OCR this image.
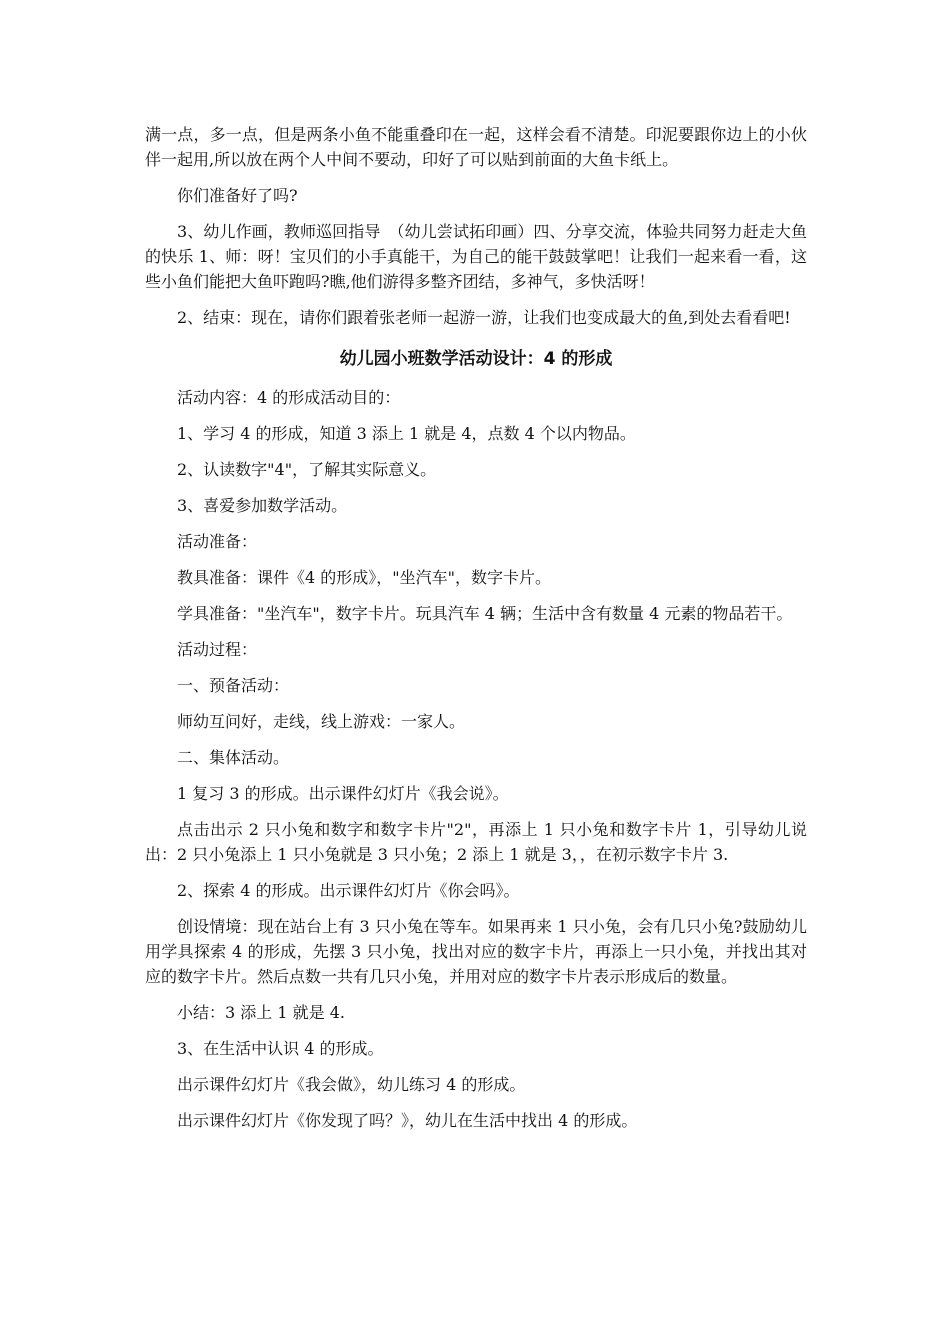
满一点，多一点，但是两条小鱼不能重叠印在一起，这样会看不清楚。印泥要跟你边上的小伙伴一起用,所以放在两个人中间不要动，印好了可以贴到前面的大鱼卡纸上。

你们准备好了吗?

3、幼儿作画，教师巡回指导　（幼儿尝试拓印画）四、分享交流，体验共同努力赶走大鱼的快乐 1、师：呀！宝贝们的小手真能干，为自己的能干鼓鼓掌吧！让我们一起来看一看，这些小鱼们能把大鱼吓跑吗?瞧,他们游得多整齐团结，多神气，多快活呀！

2、结束：现在，请你们跟着张老师一起游一游，让我们也变成最大的鱼,到处去看看吧!

幼儿园小班数学活动设计：4 的形成

活动内容：4 的形成活动目的：

1、学习 4 的形成，知道 3 添上 1 就是 4，点数 4 个以内物品。

2、认读数字"4"，了解其实际意义。

3、喜爱参加数学活动。

活动准备：

教具准备：课件《4 的形成》，"坐汽车"，数字卡片。

学具准备："坐汽车"，数字卡片。玩具汽车 4 辆；生活中含有数量 4 元素的物品若干。

活动过程：

一、预备活动：

师幼互问好，走线，线上游戏：一家人。

二、集体活动。

1 复习 3 的形成。出示课件幻灯片《我会说》。

点击出示 2 只小兔和数字和数字卡片"2"，再添上 1 只小兔和数字卡片 1，引导幼儿说出：2 只小兔添上 1 只小兔就是 3 只小兔；2 添上 1 就是 3，，在初示数字卡片 3.

2、探索 4 的形成。出示课件幻灯片《你会吗》。

创设情境：现在站台上有 3 只小兔在等车。如果再来 1 只小兔，会有几只小兔?鼓励幼儿用学具探索 4 的形成，先摆 3 只小兔，找出对应的数字卡片，再添上一只小兔，并找出其对应的数字卡片。然后点数一共有几只小兔，并用对应的数字卡片表示形成后的数量。

小结：3 添上 1 就是 4.

3、在生活中认识 4 的形成。

出示课件幻灯片《我会做》，幼儿练习 4 的形成。

出示课件幻灯片《你发现了吗？》，幼儿在生活中找出 4 的形成。
